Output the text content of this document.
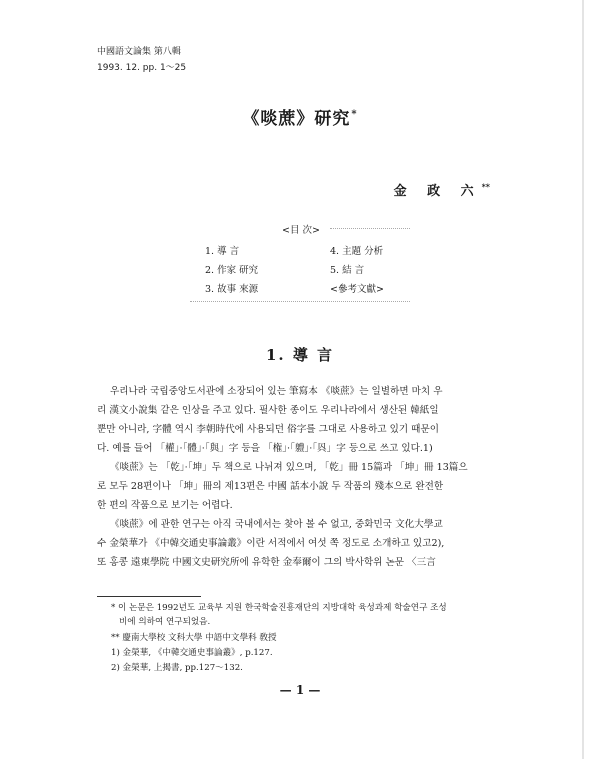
中國語文論集 第八輯
1993. 12. pp. 1～25
《啖蔗》研究*
金 政 六**
<目 次>
1. 導 言
2. 作家 研究
3. 故事 來源
4. 主題 分析
5. 結 言
<參考文獻>
1. 導 言
우리나라 국립중앙도서관에 소장되어 있는 筆寫本 《啖蔗》는 일별하면 마치 우
리 漢文小說集 같은 인상을 주고 있다. 필사한 종이도 우리나라에서 생산된 韓紙일
뿐만 아니라, 字體 역시 李朝時代에 사용되던 俗字를 그대로 사용하고 있기 때문이
다. 예를 들어 「權」·「體」·「與」字 등을 「権」·「軆」·「㒷」字 등으로 쓰고 있다.1)
《啖蔗》는 「乾」·「坤」두 책으로 나뉘져 있으며, 「乾」冊 15篇과 「坤」冊 13篇으
로 모두 28편이나 「坤」冊의 제13편은 中國 話本小說 두 작품의 殘本으로 완전한
한 편의 작품으로 보기는 어렵다.
《啖蔗》에 관한 연구는 아직 국내에서는 찾아 볼 수 없고, 중화민국 文化大學교
수 金榮華가 《中韓交通史事論叢》이란 서적에서 여섯 쪽 정도로 소개하고 있고2),
또 홍콩 遠東學院 中國文史研究所에 유학한 金奉爾이 그의 박사학위 논문 〈三言
* 이 논문은 1992년도 교육부 지원 한국학술진흥재단의 지방대학 육성과제 학술연구 조성
비에 의하여 연구되었음.
** 慶南大學校 文科大學 中語中文學科 敎授
1) 金榮華, 《中韓交通史事論叢》, p.127.
2) 金榮華, 上揭書, pp.127～132.
— 1 —
